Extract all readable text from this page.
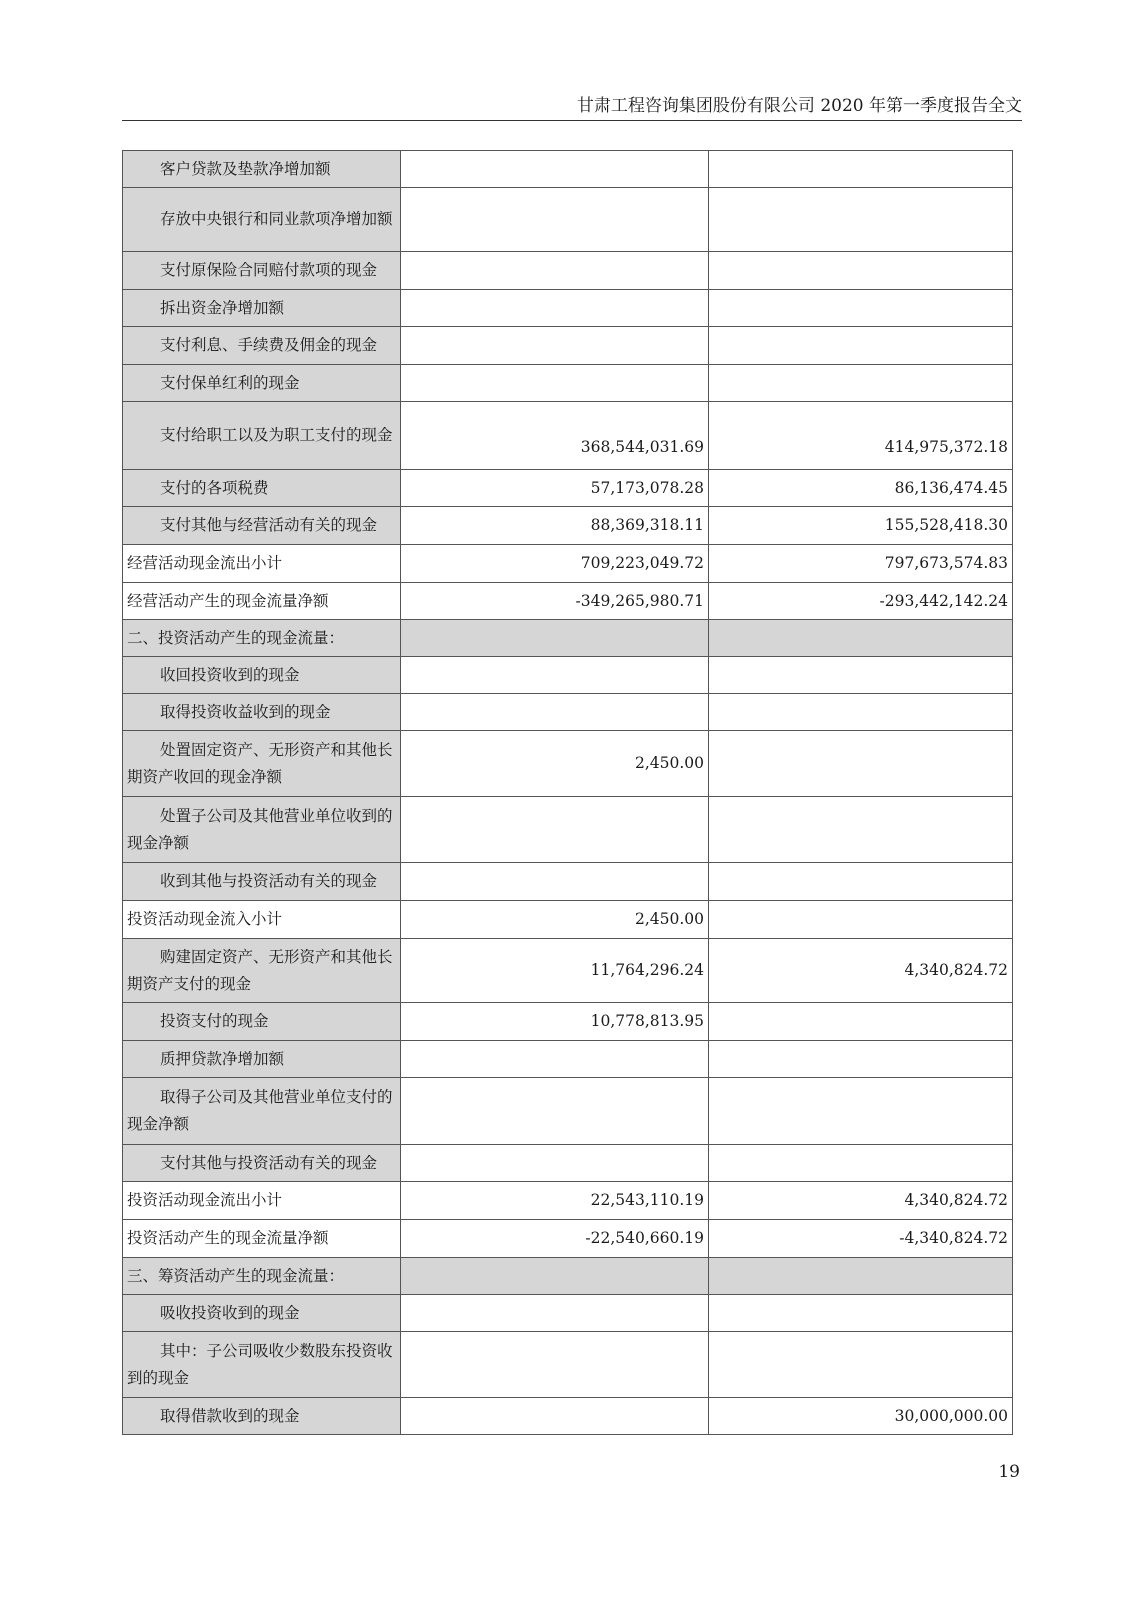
甘肃工程咨询集团股份有限公司 2020 年第一季度报告全文
客户贷款及垫款净增加额		
存放中央银行和同业款项净增加额		
支付原保险合同赔付款项的现金		
拆出资金净增加额		
支付利息、手续费及佣金的现金		
支付保单红利的现金		
支付给职工以及为职工支付的现金	368,544,031.69	414,975,372.18
支付的各项税费	57,173,078.28	86,136,474.45
支付其他与经营活动有关的现金	88,369,318.11	155,528,418.30
经营活动现金流出小计	709,223,049.72	797,673,574.83
经营活动产生的现金流量净额	-349,265,980.71	-293,442,142.24
二、投资活动产生的现金流量：		
收回投资收到的现金		
取得投资收益收到的现金		
处置固定资产、无形资产和其他长期资产收回的现金净额	2,450.00	
处置子公司及其他营业单位收到的现金净额		
收到其他与投资活动有关的现金		
投资活动现金流入小计	2,450.00	
购建固定资产、无形资产和其他长期资产支付的现金	11,764,296.24	4,340,824.72
投资支付的现金	10,778,813.95	
质押贷款净增加额		
取得子公司及其他营业单位支付的现金净额		
支付其他与投资活动有关的现金		
投资活动现金流出小计	22,543,110.19	4,340,824.72
投资活动产生的现金流量净额	-22,540,660.19	-4,340,824.72
三、筹资活动产生的现金流量：		
吸收投资收到的现金		
其中：子公司吸收少数股东投资收到的现金		
取得借款收到的现金		30,000,000.00
19
